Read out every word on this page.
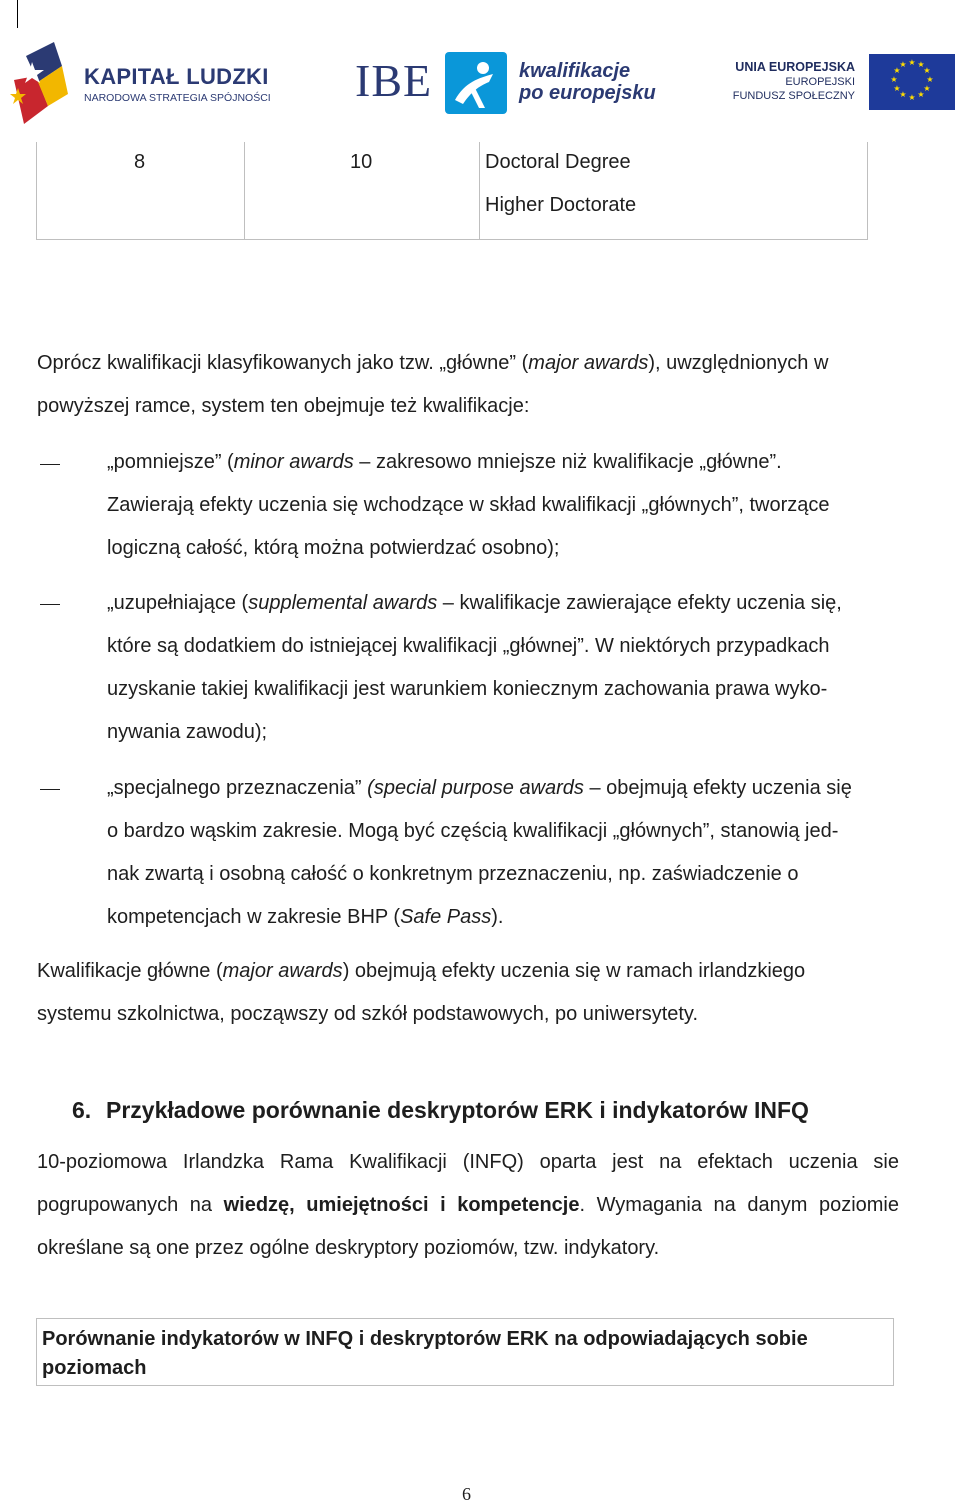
KAPITAŁ LUDZKI
NARODOWA STRATEGIA SPÓJNOŚCI IBE	kwalifikacje
po europejsku
UNIA EUROPEJSKA
EUROPEJSKI
FUNDUSZ SPOŁECZNY
★ ★
★
★
★
★
★
★
★
★
★
★
8	10	Doctoral Degree
Higher Doctorate
Oprócz kwalifikacji klasyfikowanych jako tzw. „główne” (major awards), uwzględnionych w
powyższej ramce, system ten obejmuje też kwalifikacje:
„pomniejsze” (minor awards – zakresowo mniejsze niż kwalifikacje „główne”.
Zawierają efekty uczenia się wchodzące w skład kwalifikacji „głównych”, tworzące
logiczną całość, którą można potwierdzać osobno);
„uzupełniające (supplemental awards – kwalifikacje zawierające efekty uczenia się,
które są dodatkiem do istniejącej kwalifikacji „głównej”. W niektórych przypadkach
uzyskanie takiej kwalifikacji jest warunkiem koniecznym zachowania prawa wyko-
nywania zawodu);
„specjalnego przeznaczenia” (special purpose awards – obejmują efekty uczenia się
o bardzo wąskim zakresie. Mogą być częścią kwalifikacji „głównych”, stanowią jed-
nak zwartą i osobną całość o konkretnym przeznaczeniu, np. zaświadczenie o
kompetencjach w zakresie BHP (Safe Pass).
Kwalifikacje główne (major awards) obejmują efekty uczenia się w ramach irlandzkiego
systemu szkolnictwa, począwszy od szkół podstawowych, po uniwersytety.
6. Przykładowe porównanie deskryptorów ERK i indykatorów INFQ
10-poziomowa Irlandzka Rama Kwalifikacji (INFQ) oparta jest na efektach uczenia sie
pogrupowanych na wiedzę, umiejętności i kompetencje. Wymagania na danym poziomie
określane są one przez ogólne deskryptory poziomów, tzw. indykatory.
Porównanie indykatorów w INFQ i deskryptorów ERK na odpowiadających sobie
poziomach
6
